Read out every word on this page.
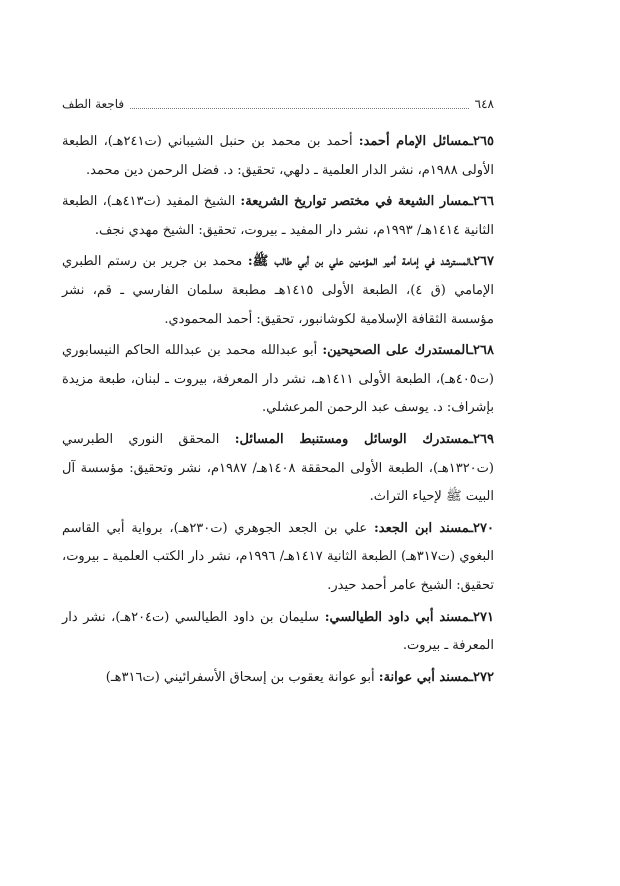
٦٤٨
فاجعة الطف

٢٦٥ـمسائل الإمام أحمد: أحمد بن محمد بن حنبل الشيباني (ت٢٤١هـ)، الطبعة الأولى ١٩٨٨م، نشر الدار العلمية ـ دلهي، تحقيق: د. فضل الرحمن دين محمد.

٢٦٦ـمسار الشيعة في مختصر تواريخ الشريعة: الشيخ المفيد (ت٤١٣هـ)، الطبعة الثانية ١٤١٤هـ/ ١٩٩٣م، نشر دار المفيد ـ بيروت، تحقيق: الشيخ مهدي نجف.

٢٦٧ـالمسترشد في إمامة أمير المؤمنين علي بن أبي طالب ﷺ: محمد بن جرير بن رستم الطبري الإمامي (ق ٤)، الطبعة الأولى ١٤١٥هـ مطبعة سلمان الفارسي ـ قم، نشر مؤسسة الثقافة الإسلامية لكوشانبور، تحقيق: أحمد المحمودي.

٢٦٨ـالمستدرك على الصحيحين: أبو عبدالله محمد بن عبدالله الحاكم النيسابوري (ت٤٠٥هـ)، الطبعة الأولى ١٤١١هـ، نشر دار المعرفة، بيروت ـ لبنان، طبعة مزيدة بإشراف: د. يوسف عبد الرحمن المرعشلي.

٢٦٩ـمستدرك الوسائل ومستنبط المسائل: المحقق النوري الطبرسي (ت١٣٢٠هـ)، الطبعة الأولى المحققة ١٤٠٨هـ/ ١٩٨٧م، نشر وتحقيق: مؤسسة آل البيت ﷺ لإحياء التراث.

٢٧٠ـمسند ابن الجعد: علي بن الجعد الجوهري (ت٢٣٠هـ)، برواية أبي القاسم البغوي (ت٣١٧هـ) الطبعة الثانية ١٤١٧هـ/ ١٩٩٦م، نشر دار الكتب العلمية ـ بيروت، تحقيق: الشيخ عامر أحمد حيدر.

٢٧١ـمسند أبي داود الطيالسي: سليمان بن داود الطيالسي (ت٢٠٤هـ)، نشر دار المعرفة ـ بيروت.

٢٧٢ـمسند أبي عوانة: أبو عوانة يعقوب بن إسحاق الأسفرائيني (ت٣١٦هـ)
